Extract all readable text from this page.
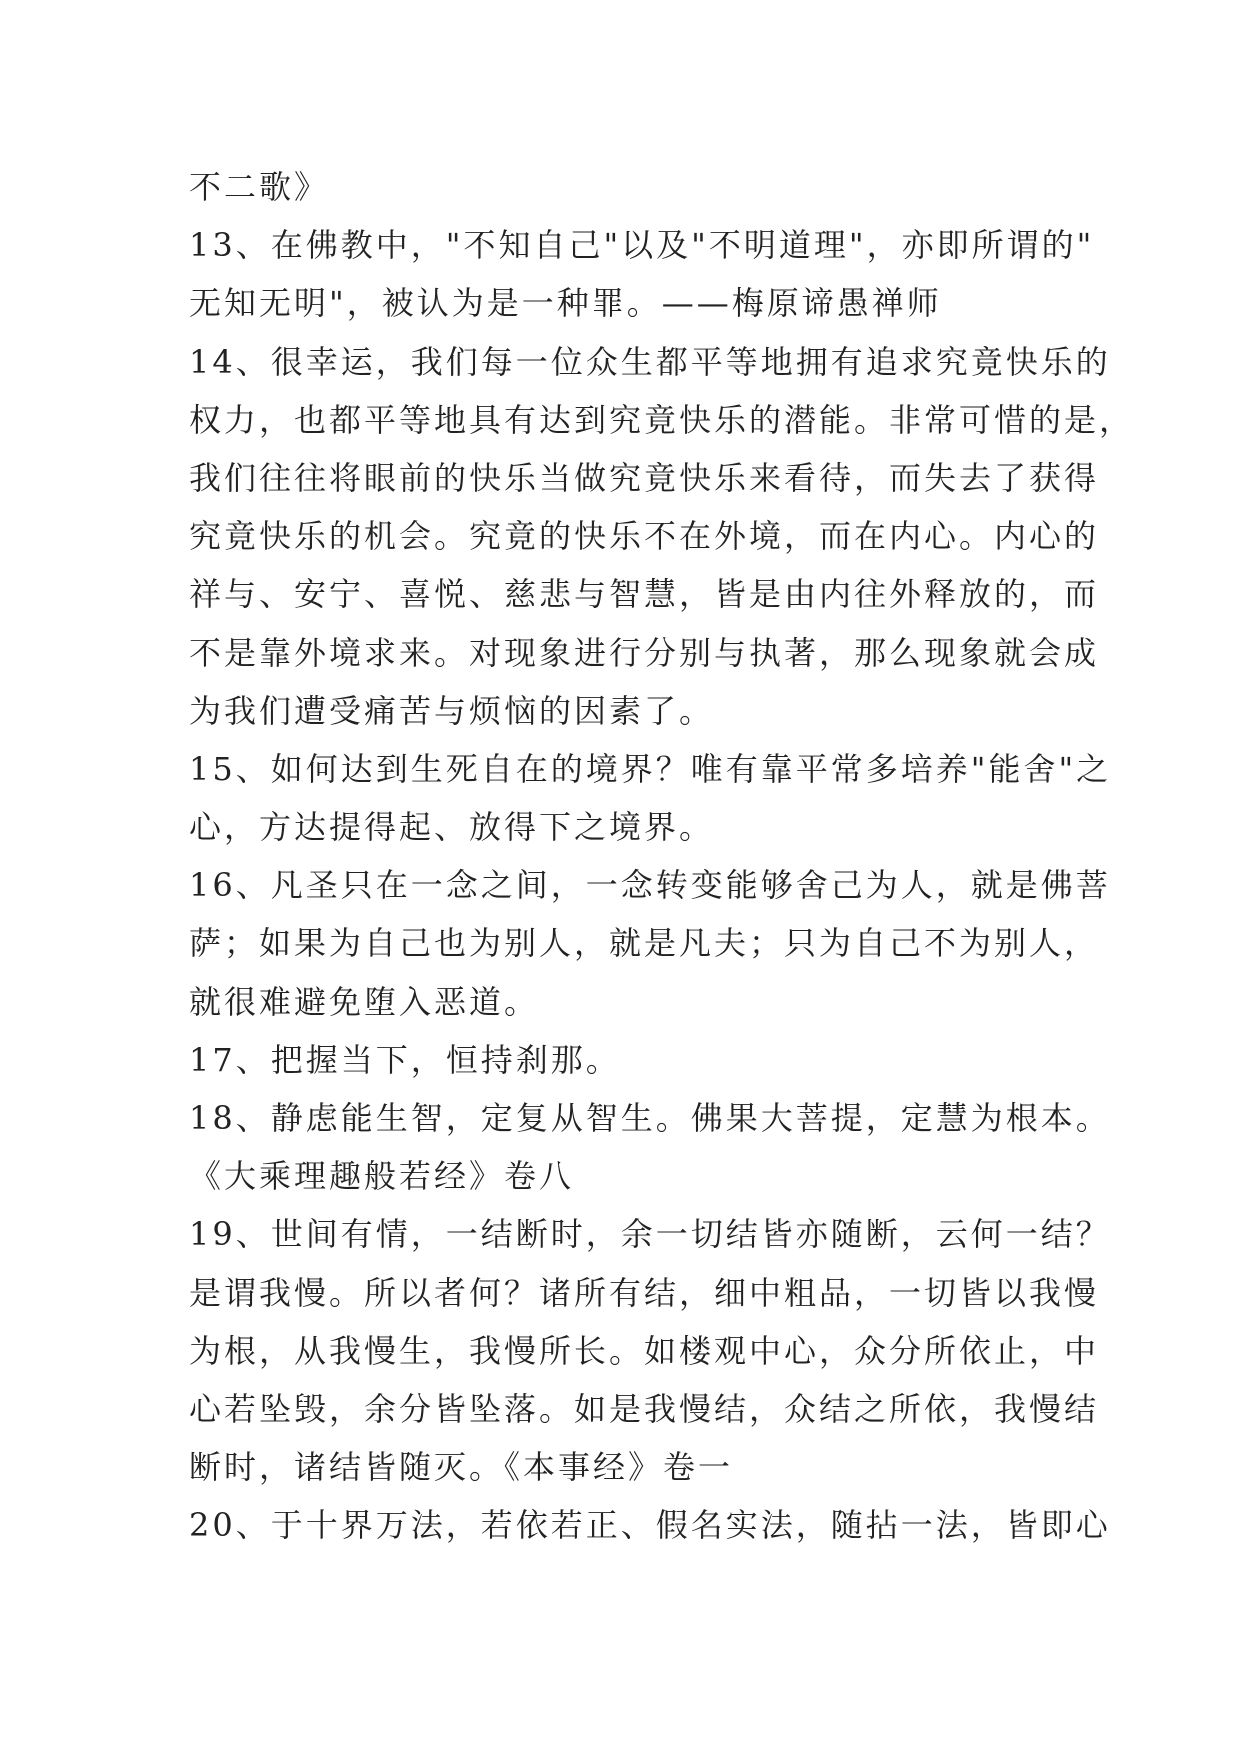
不二歌》
13、在佛教中，"不知自己"以及"不明道理"，亦即所谓的"
无知无明"，被认为是一种罪。——梅原谛愚禅师
14、很幸运，我们每一位众生都平等地拥有追求究竟快乐的
权力，也都平等地具有达到究竟快乐的潜能。非常可惜的是，
我们往往将眼前的快乐当做究竟快乐来看待，而失去了获得
究竟快乐的机会。究竟的快乐不在外境，而在内心。内心的
祥与、安宁、喜悦、慈悲与智慧，皆是由内往外释放的，而
不是靠外境求来。对现象进行分别与执著，那么现象就会成
为我们遭受痛苦与烦恼的因素了。
15、如何达到生死自在的境界？唯有靠平常多培养"能舍"之
心，方达提得起、放得下之境界。
16、凡圣只在一念之间，一念转变能够舍己为人，就是佛菩
萨；如果为自己也为别人，就是凡夫；只为自己不为别人，
就很难避免堕入恶道。
17、把握当下，恒持刹那。
18、静虑能生智，定复从智生。佛果大菩提，定慧为根本。
《大乘理趣般若经》卷八
19、世间有情，一结断时，余一切结皆亦随断，云何一结？
是谓我慢。所以者何？诸所有结，细中粗品，一切皆以我慢
为根，从我慢生，我慢所长。如楼观中心，众分所依止，中
心若坠毁，余分皆坠落。如是我慢结，众结之所依，我慢结
断时，诸结皆随灭。《本事经》卷一
20、于十界万法，若依若正、假名实法，随拈一法，皆即心
